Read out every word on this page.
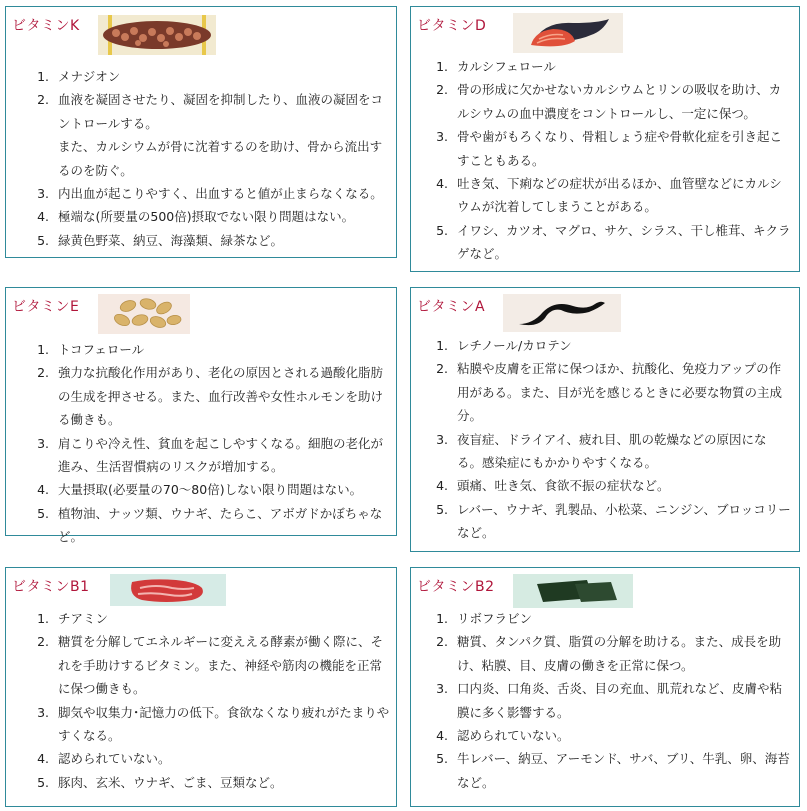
ビタミンK
1. メナジオン
2. 血液を凝固させたり、凝固を抑制したり、血液の凝固をコントロールする。
また、カルシウムが骨に沈着するのを助け、骨から流出するのを防ぐ。
3. 内出血が起こりやすく、出血すると値が止まらなくなる。
4. 極端な(所要量の500倍)摂取でない限り問題はない。
5. 緑黄色野菜、納豆、海藻類、緑茶など。
ビタミンD
1. カルシフェロール
2. 骨の形成に欠かせないカルシウムとリンの吸収を助け、カルシウムの血中濃度をコントロールし、一定に保つ。
3. 骨や歯がもろくなり、骨粗しょう症や骨軟化症を引き起こすこともある。
4. 吐き気、下痢などの症状が出るほか、血管壁などにカルシウムが沈着してしまうことがある。
5. イワシ、カツオ、マグロ、サケ、シラス、干し椎茸、キクラゲなど。
ビタミンE
1. トコフェロール
2. 強力な抗酸化作用があり、老化の原因とされる過酸化脂肪の生成を押させる。また、血行改善や女性ホルモンを助ける働きも。
3. 肩こりや冷え性、貧血を起こしやすくなる。細胞の老化が進み、生活習慣病のリスクが増加する。
4. 大量摂取(必要量の70〜80倍)しない限り問題はない。
5. 植物油、ナッツ類、ウナギ、たらこ、アボガドかぼちゃなど。
ビタミンA
1. レチノール/カロテン
2. 粘膜や皮膚を正常に保つほか、抗酸化、免疫力アップの作用がある。また、目が光を感じるときに必要な物質の主成分。
3. 夜盲症、ドライアイ、疲れ目、肌の乾燥などの原因になる。感染症にもかかりやすくなる。
4. 頭痛、吐き気、食欲不振の症状など。
5. レバー、ウナギ、乳製品、小松菜、ニンジン、ブロッコリーなど。
ビタミンB1
1. チアミン
2. 糖質を分解してエネルギーに変ええる酵素が働く際に、それを手助けするビタミン。また、神経や筋肉の機能を正常に保つ働きも。
3. 脚気や収集力･記憶力の低下。食欲なくなり疲れがたまりやすくなる。
4. 認められていない。
5. 豚肉、玄米、ウナギ、ごま、豆類など。
ビタミンB2
1. リボフラビン
2. 糖質、タンパク質、脂質の分解を助ける。また、成長を助け、粘膜、目、皮膚の働きを正常に保つ。
3. 口内炎、口角炎、舌炎、目の充血、肌荒れなど、皮膚や粘膜に多く影響する。
4. 認められていない。
5. 牛レバー、納豆、アーモンド、サバ、ブリ、牛乳、卵、海苔など。
